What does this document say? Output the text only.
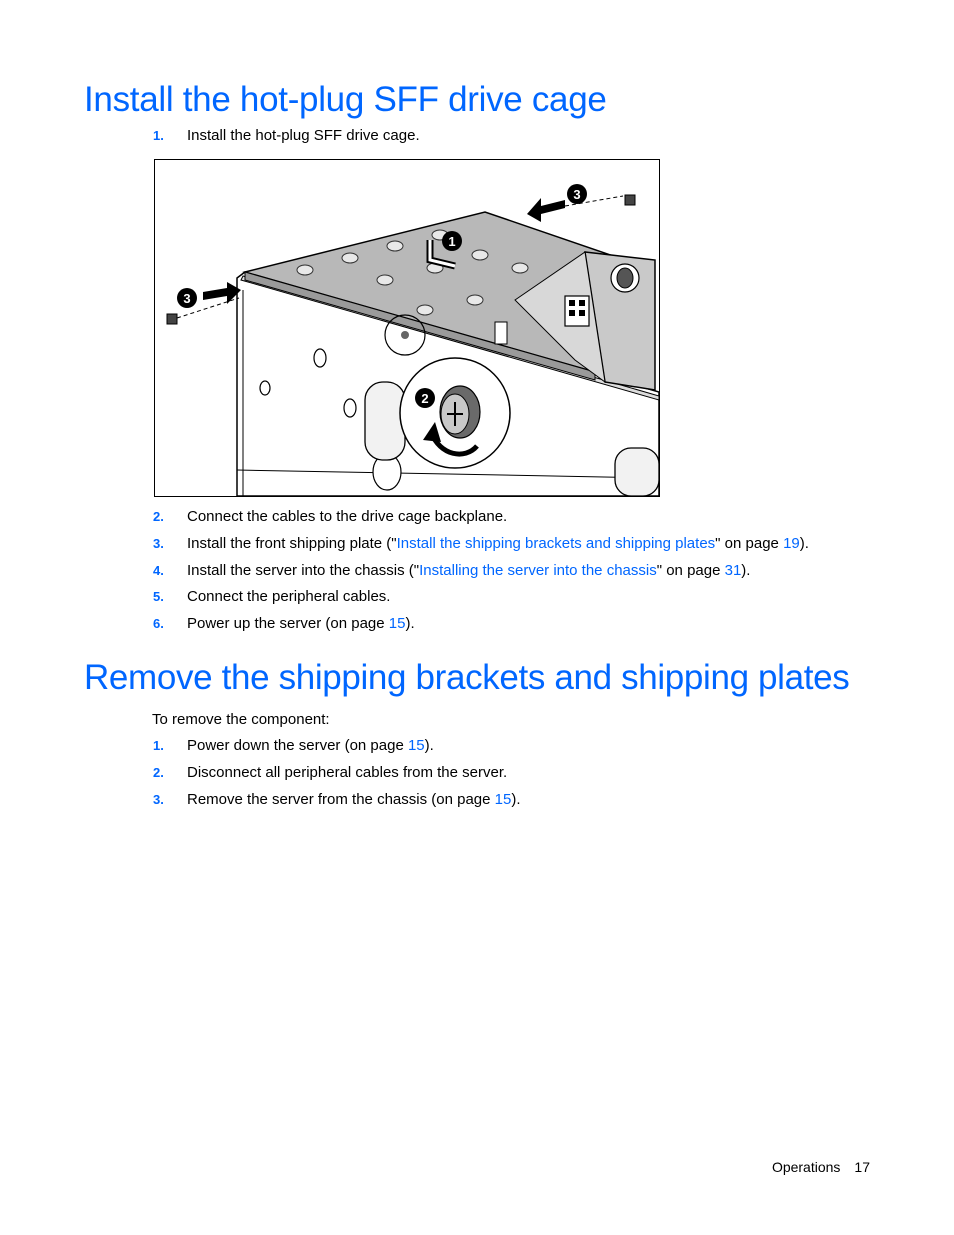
Install the hot-plug SFF drive cage
1. Install the hot-plug SFF drive cage.
1
2
3
3
2. Connect the cables to the drive cage backplane.
3. Install the front shipping plate ("Install the shipping brackets and shipping plates" on page 19).
4. Install the server into the chassis ("Installing the server into the chassis" on page 31).
5. Connect the peripheral cables.
6. Power up the server (on page 15).
Remove the shipping brackets and shipping plates
To remove the component:
1. Power down the server (on page 15).
2. Disconnect all peripheral cables from the server.
3. Remove the server from the chassis (on page 15).
Operations 17
